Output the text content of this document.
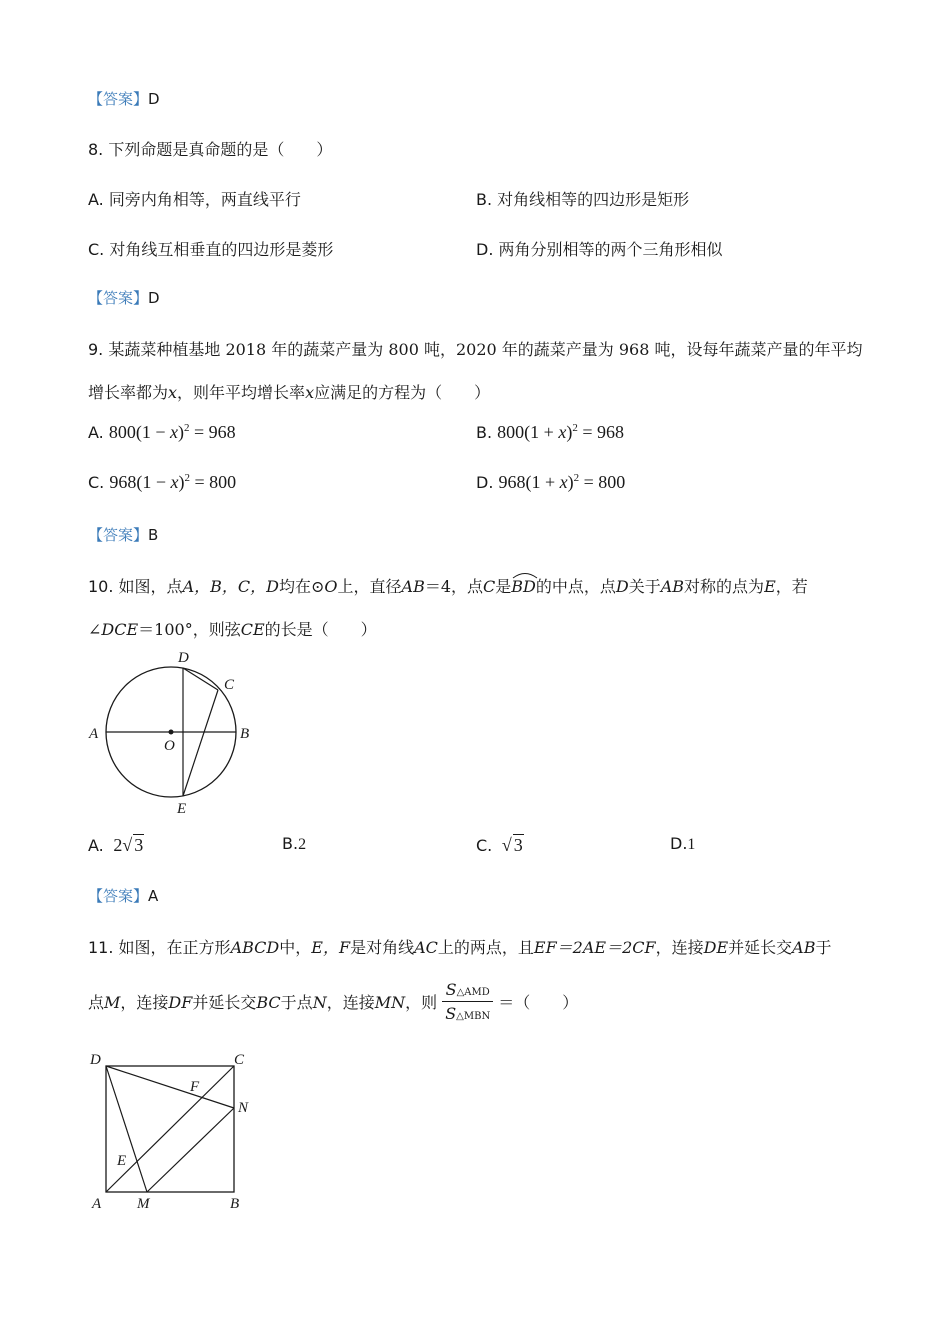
【答案】D
8. 下列命题是真命题的是（　　）
A. 同旁内角相等，两直线平行	B. 对角线相等的四边形是矩形
C. 对角线互相垂直的四边形是菱形	D. 两角分别相等的两个三角形相似
【答案】D
9. 某蔬菜种植基地 2018 年的蔬菜产量为 800 吨，2020 年的蔬菜产量为 968 吨，设每年蔬菜产量的年平均
增长率都为x，则年平均增长率x应满足的方程为（　　）
A. $800(1 - x)^2 = 968$	B. $800(1 + x)^2 = 968$
C. $968(1 - x)^2 = 800$	D. $968(1 + x)^2 = 800$
【答案】B
10. 如图，点A，B，C，D均在⊙O上，直径AB＝4，点C是
BD的中点，点D关于AB对称的点为E，若
∠DCE＝100°，则弦CE的长是（　　）
A	B
C
D
E
O
A. 2√ 3	B.2	C.  √ 3	D.1
【答案】A
11. 如图，在正方形ABCD中，E，F是对角线AC上的两点，且EF＝2AE＝2CF，连接DE并延长交AB于
点M，连接DF并延长交BC于点N，连接MN，则 $\frac{\text{S△AMD}}{\text{S△MBN}}$ ＝（　　）
D	C
A	B
M
N
F
E
